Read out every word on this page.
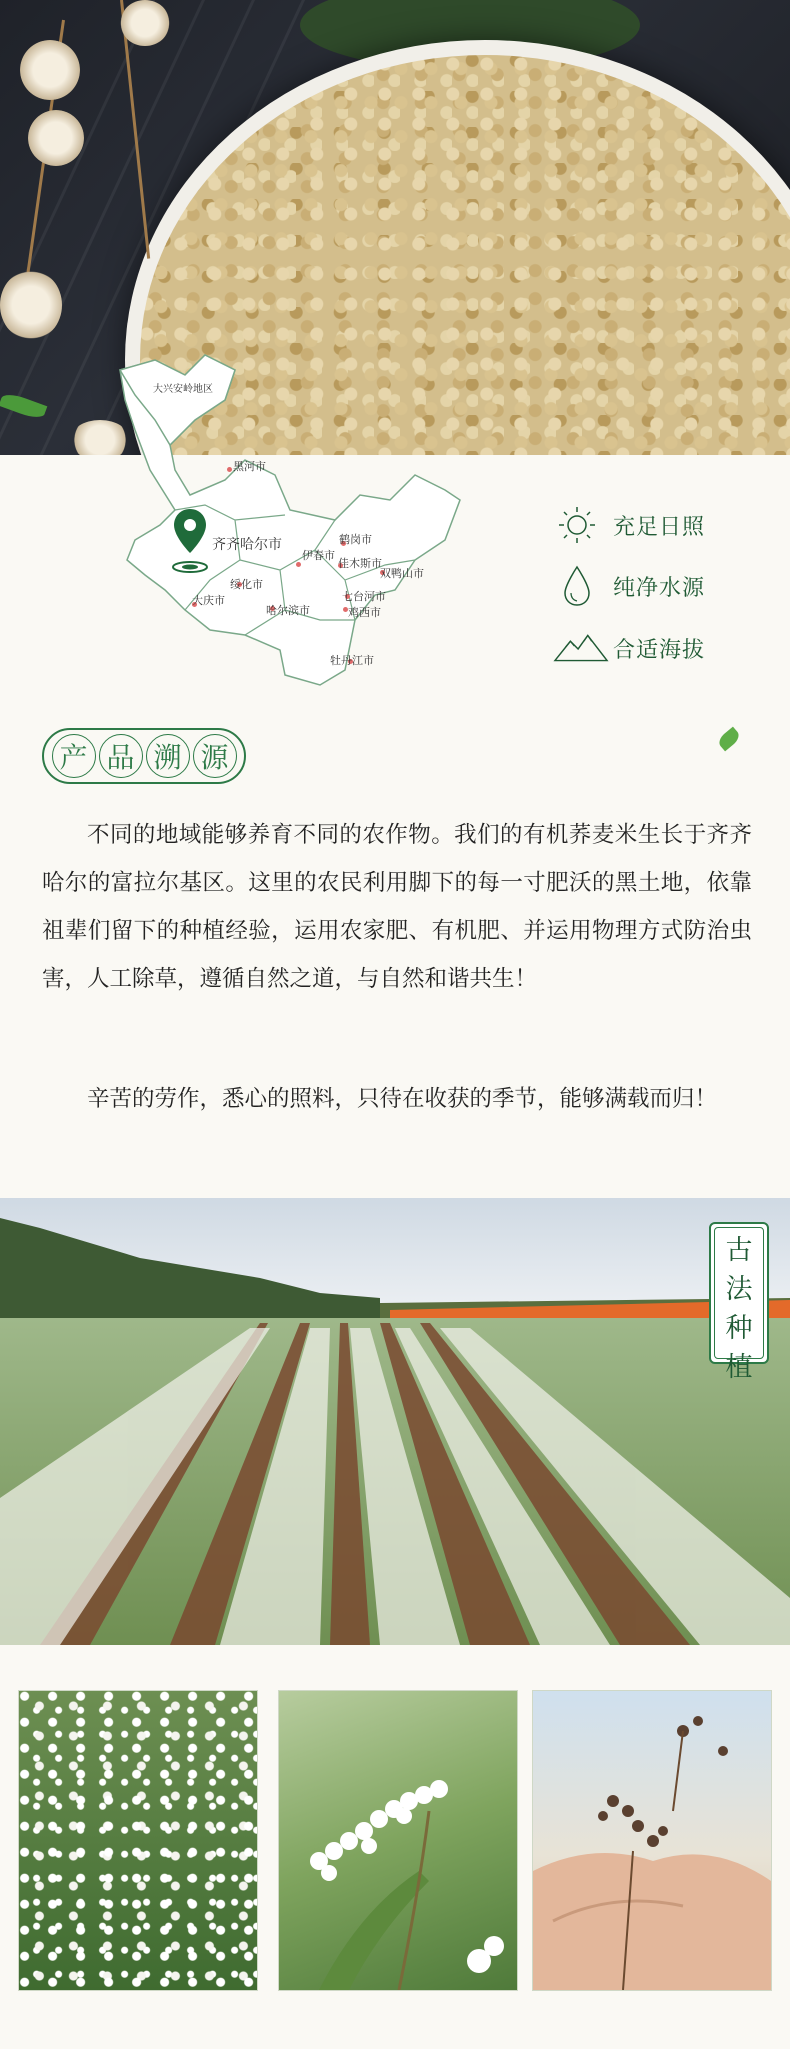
大兴安岭地区
黑河市
伊春市
鹤岗市
佳木斯市
双鸭山市
绥化市
大庆市
哈尔滨市
七台河市
鸡西市
牡丹江市
齐齐哈尔市
充足日照
纯净水源
合适海拔
产 品 溯 源

不同的地域能够养育不同的农作物。我们的有机荞麦米生长于齐齐哈尔的富拉尔基区。这里的农民利用脚下的每一寸肥沃的黑土地，依靠祖辈们留下的种植经验，运用农家肥、有机肥、并运用物理方式防治虫害，人工除草，遵循自然之道，与自然和谐共生！

辛苦的劳作，悉心的照料，只待在收获的季节，能够满载而归！

古
法
种
植
